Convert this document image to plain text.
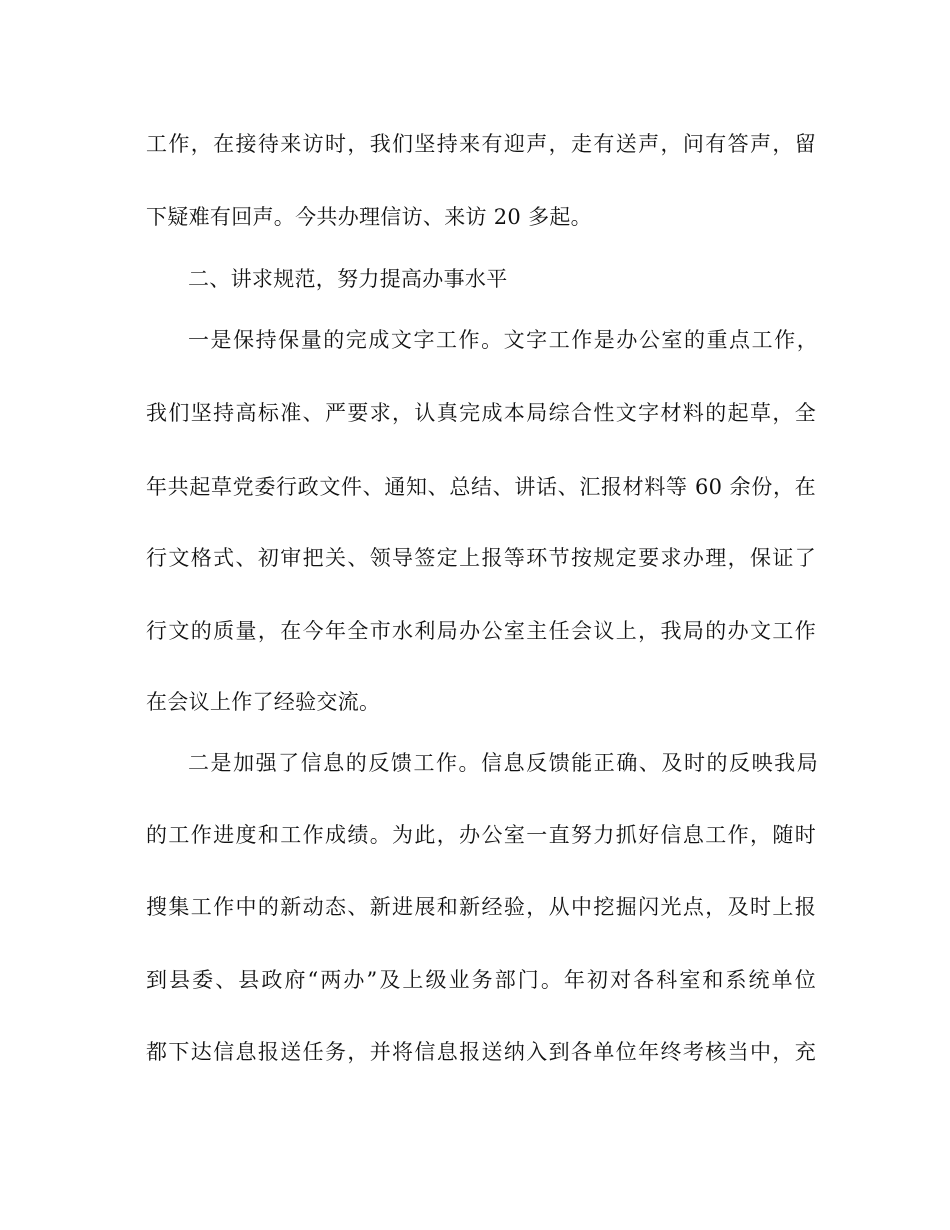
工作，在接待来访时，我们坚持来有迎声，走有送声，问有答声，留
下疑难有回声。今共办理信访、来访 20 多起。
二、讲求规范，努力提高办事水平
一是保持保量的完成文字工作。文字工作是办公室的重点工作，
我们坚持高标准、严要求，认真完成本局综合性文字材料的起草，全
年共起草党委行政文件、通知、总结、讲话、汇报材料等 60 余份，在
行文格式、初审把关、领导签定上报等环节按规定要求办理，保证了
行文的质量，在今年全市水利局办公室主任会议上，我局的办文工作
在会议上作了经验交流。
二是加强了信息的反馈工作。信息反馈能正确、及时的反映我局
的工作进度和工作成绩。为此，办公室一直努力抓好信息工作，随时
搜集工作中的新动态、新进展和新经验，从中挖掘闪光点，及时上报
到县委、县政府“两办”及上级业务部门。年初对各科室和系统单位
都下达信息报送任务，并将信息报送纳入到各单位年终考核当中，充
